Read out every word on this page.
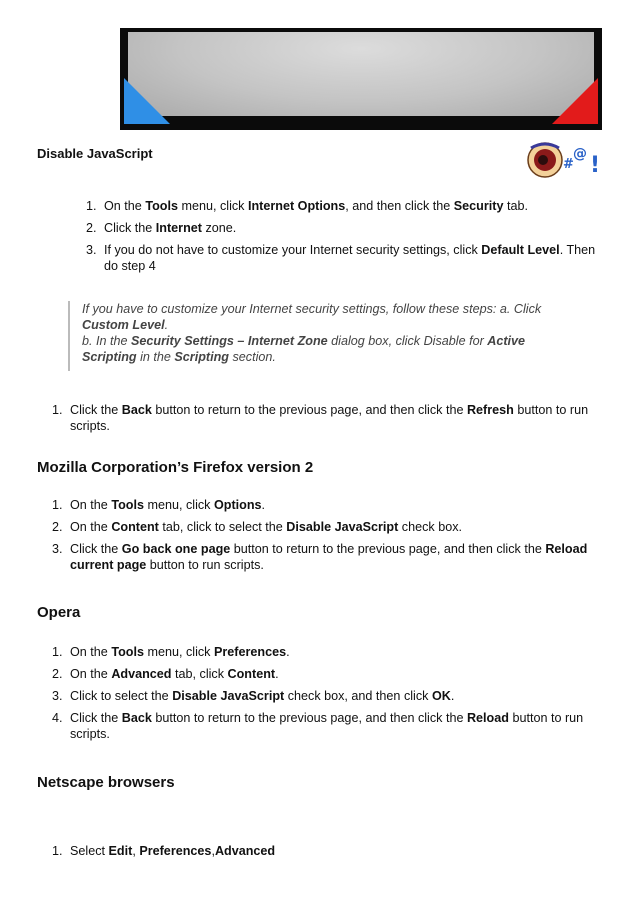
Disable JavaScript
#
@ !
1. On the Tools menu, click Internet Options, and then click the Security tab.
2. Click the Internet zone.
3. If you do not have to customize your Internet security settings, click Default Level. Then do step 4

If you have to customize your Internet security settings, follow these steps: a. Click Custom Level.

b. In the Security Settings – Internet Zone dialog box, click Disable for Active Scripting in the Scripting section.

1. Click the Back button to return to the previous page, and then click the Refresh button to run scripts.
Mozilla Corporation’s Firefox version 2
1. On the Tools menu, click Options.
2. On the Content tab, click to select the Disable JavaScript check box.
3. Click the Go back one page button to return to the previous page, and then click the Reload current page button to run scripts.
Opera
1. On the Tools menu, click Preferences.
2. On the Advanced tab, click Content.
3. Click to select the Disable JavaScript check box, and then click OK.
4. Click the Back button to return to the previous page, and then click the Reload button to run scripts.
Netscape browsers
1. Select Edit, Preferences,Advanced
